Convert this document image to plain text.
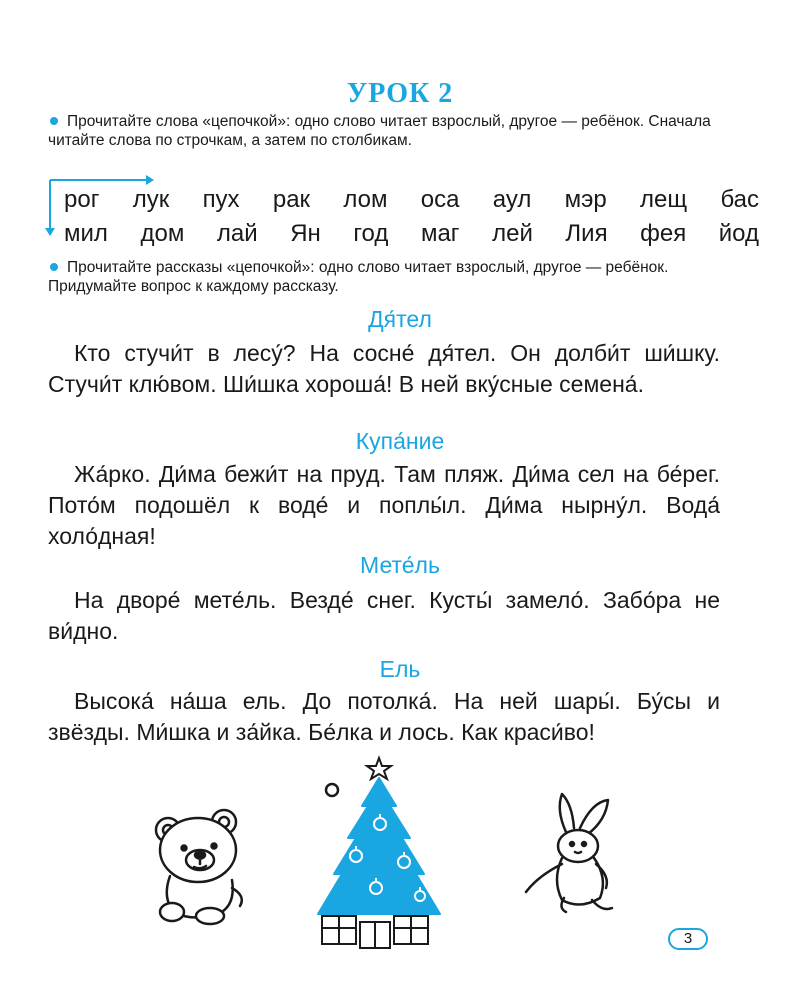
УРОК 2
Прочитайте слова «цепочкой»: одно слово читает взрослый, другое — ребёнок. Сначала читайте слова по строчкам, а затем по столбикам.
рог лук пух рак лом оса аул мэр лещ бас
мил дом лай Ян год маг лей Лия фея йод
Прочитайте рассказы «цепочкой»: одно слово читает взрослый, другое — ребёнок. Придумайте вопрос к каждому рассказу.
Дя́тел
Кто стучи́т в лесу́? На сосне́ дя́тел. Он долби́т ши́шку. Стучи́т клю́вом. Ши́шка хороша́! В ней вку́сные семена́.
Купа́ние
Жа́рко. Ди́ма бежи́т на пруд. Там пляж. Ди́ма сел на бе́рег. Пото́м подошёл к воде́ и поплы́л. Ди́ма нырну́л. Вода́ холо́дная!
Мете́ль
На дворе́ мете́ль. Везде́ снег. Кусты́ замело́. Забо́ра не ви́дно.
Ель
Высока́ на́ша ель. До потолка́. На ней шары́. Бу́сы и звёзды. Ми́шка и за́йка. Бе́лка и лось. Как краси́во!
3
